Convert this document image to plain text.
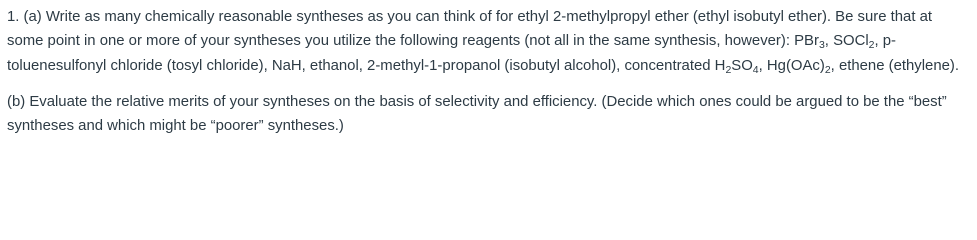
1. (a) Write as many chemically reasonable syntheses as you can think of for ethyl 2-methylpropyl ether (ethyl isobutyl ether). Be sure that at some point in one or more of your syntheses you utilize the following reagents (not all in the same synthesis, however): PBr$_3$, SOCl$_2$, p-toluenesulfonyl chloride (tosyl chloride), NaH, ethanol, 2-methyl-1-propanol (isobutyl alcohol), concentrated $H_2SO_4$, $Hg(OAc)_2$, ethene (ethylene).

(b) Evaluate the relative merits of your syntheses on the basis of selectivity and efficiency. (Decide which ones could be argued to be the “best” syntheses and which might be “poorer” syntheses.)
